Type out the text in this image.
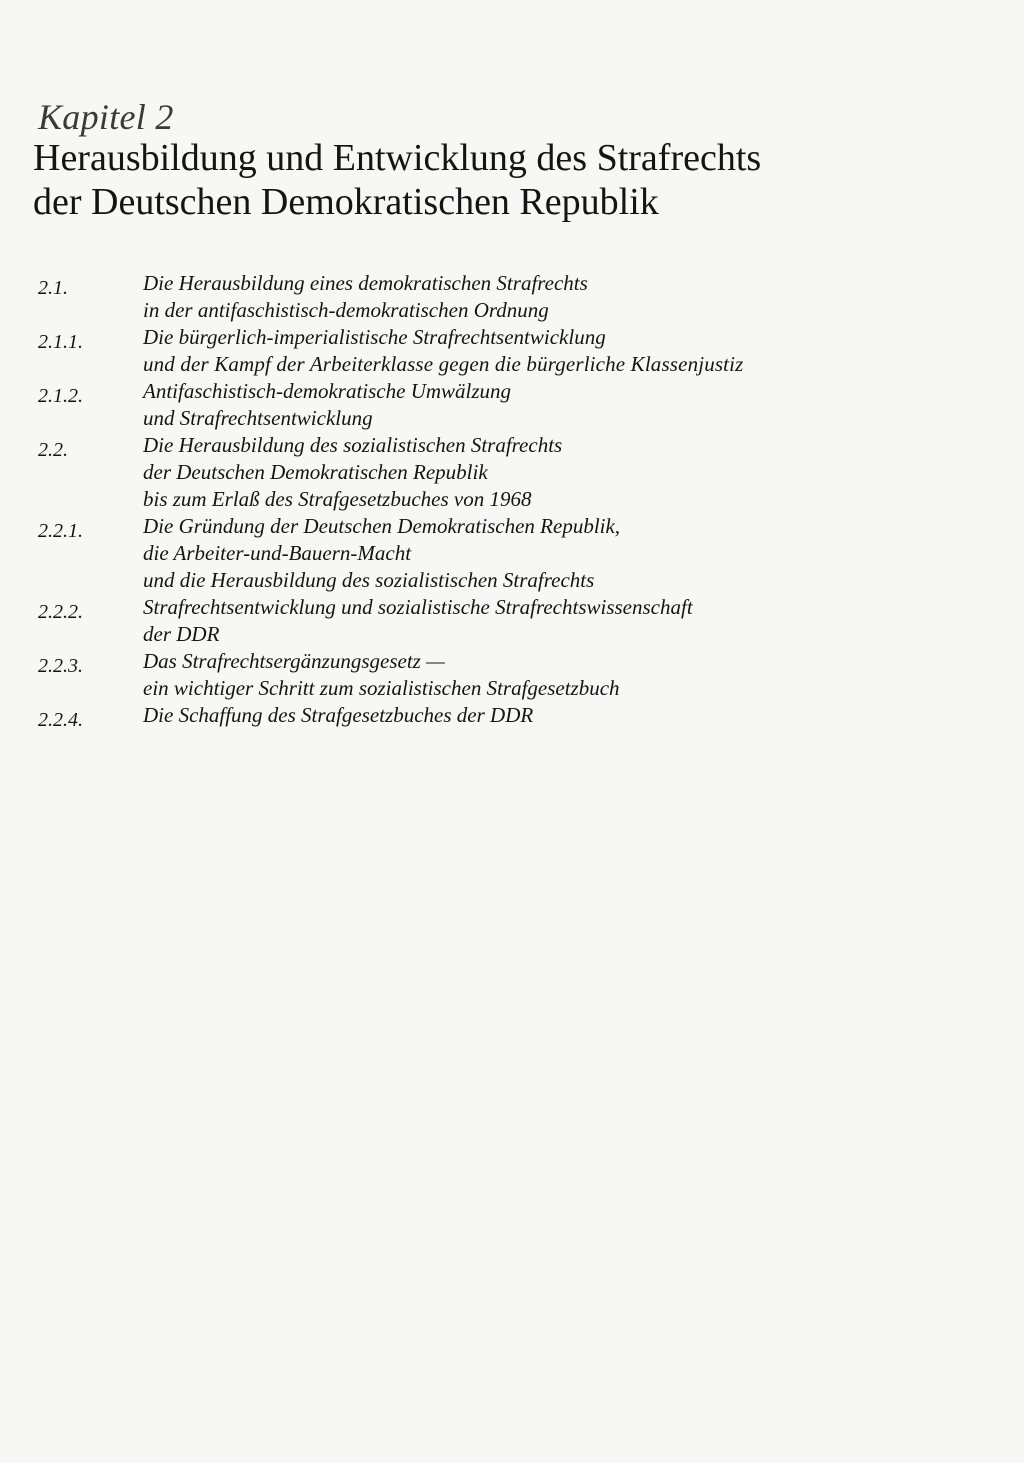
Kapitel 2
Herausbildung und Entwicklung des Strafrechts
der Deutschen Demokratischen Republik
2.1.	Die Herausbildung eines demokratischen Strafrechts
in der antifaschistisch-demokratischen Ordnung
2.1.1.	Die bürgerlich-imperialistische Strafrechtsentwicklung
und der Kampf der Arbeiterklasse gegen die bürgerliche Klassenjustiz
2.1.2.	Antifaschistisch-demokratische Umwälzung
und Strafrechtsentwicklung
2.2.	Die Herausbildung des sozialistischen Strafrechts
der Deutschen Demokratischen Republik
bis zum Erlaß des Strafgesetzbuches von 1968
2.2.1.	Die Gründung der Deutschen Demokratischen Republik,
die Arbeiter-und-Bauern-Macht
und die Herausbildung des sozialistischen Strafrechts
2.2.2.	Strafrechtsentwicklung und sozialistische Strafrechtswissenschaft
der DDR
2.2.3.	Das Strafrechtsergänzungsgesetz —
ein wichtiger Schritt zum sozialistischen Strafgesetzbuch
2.2.4.	Die Schaffung des Strafgesetzbuches der DDR
